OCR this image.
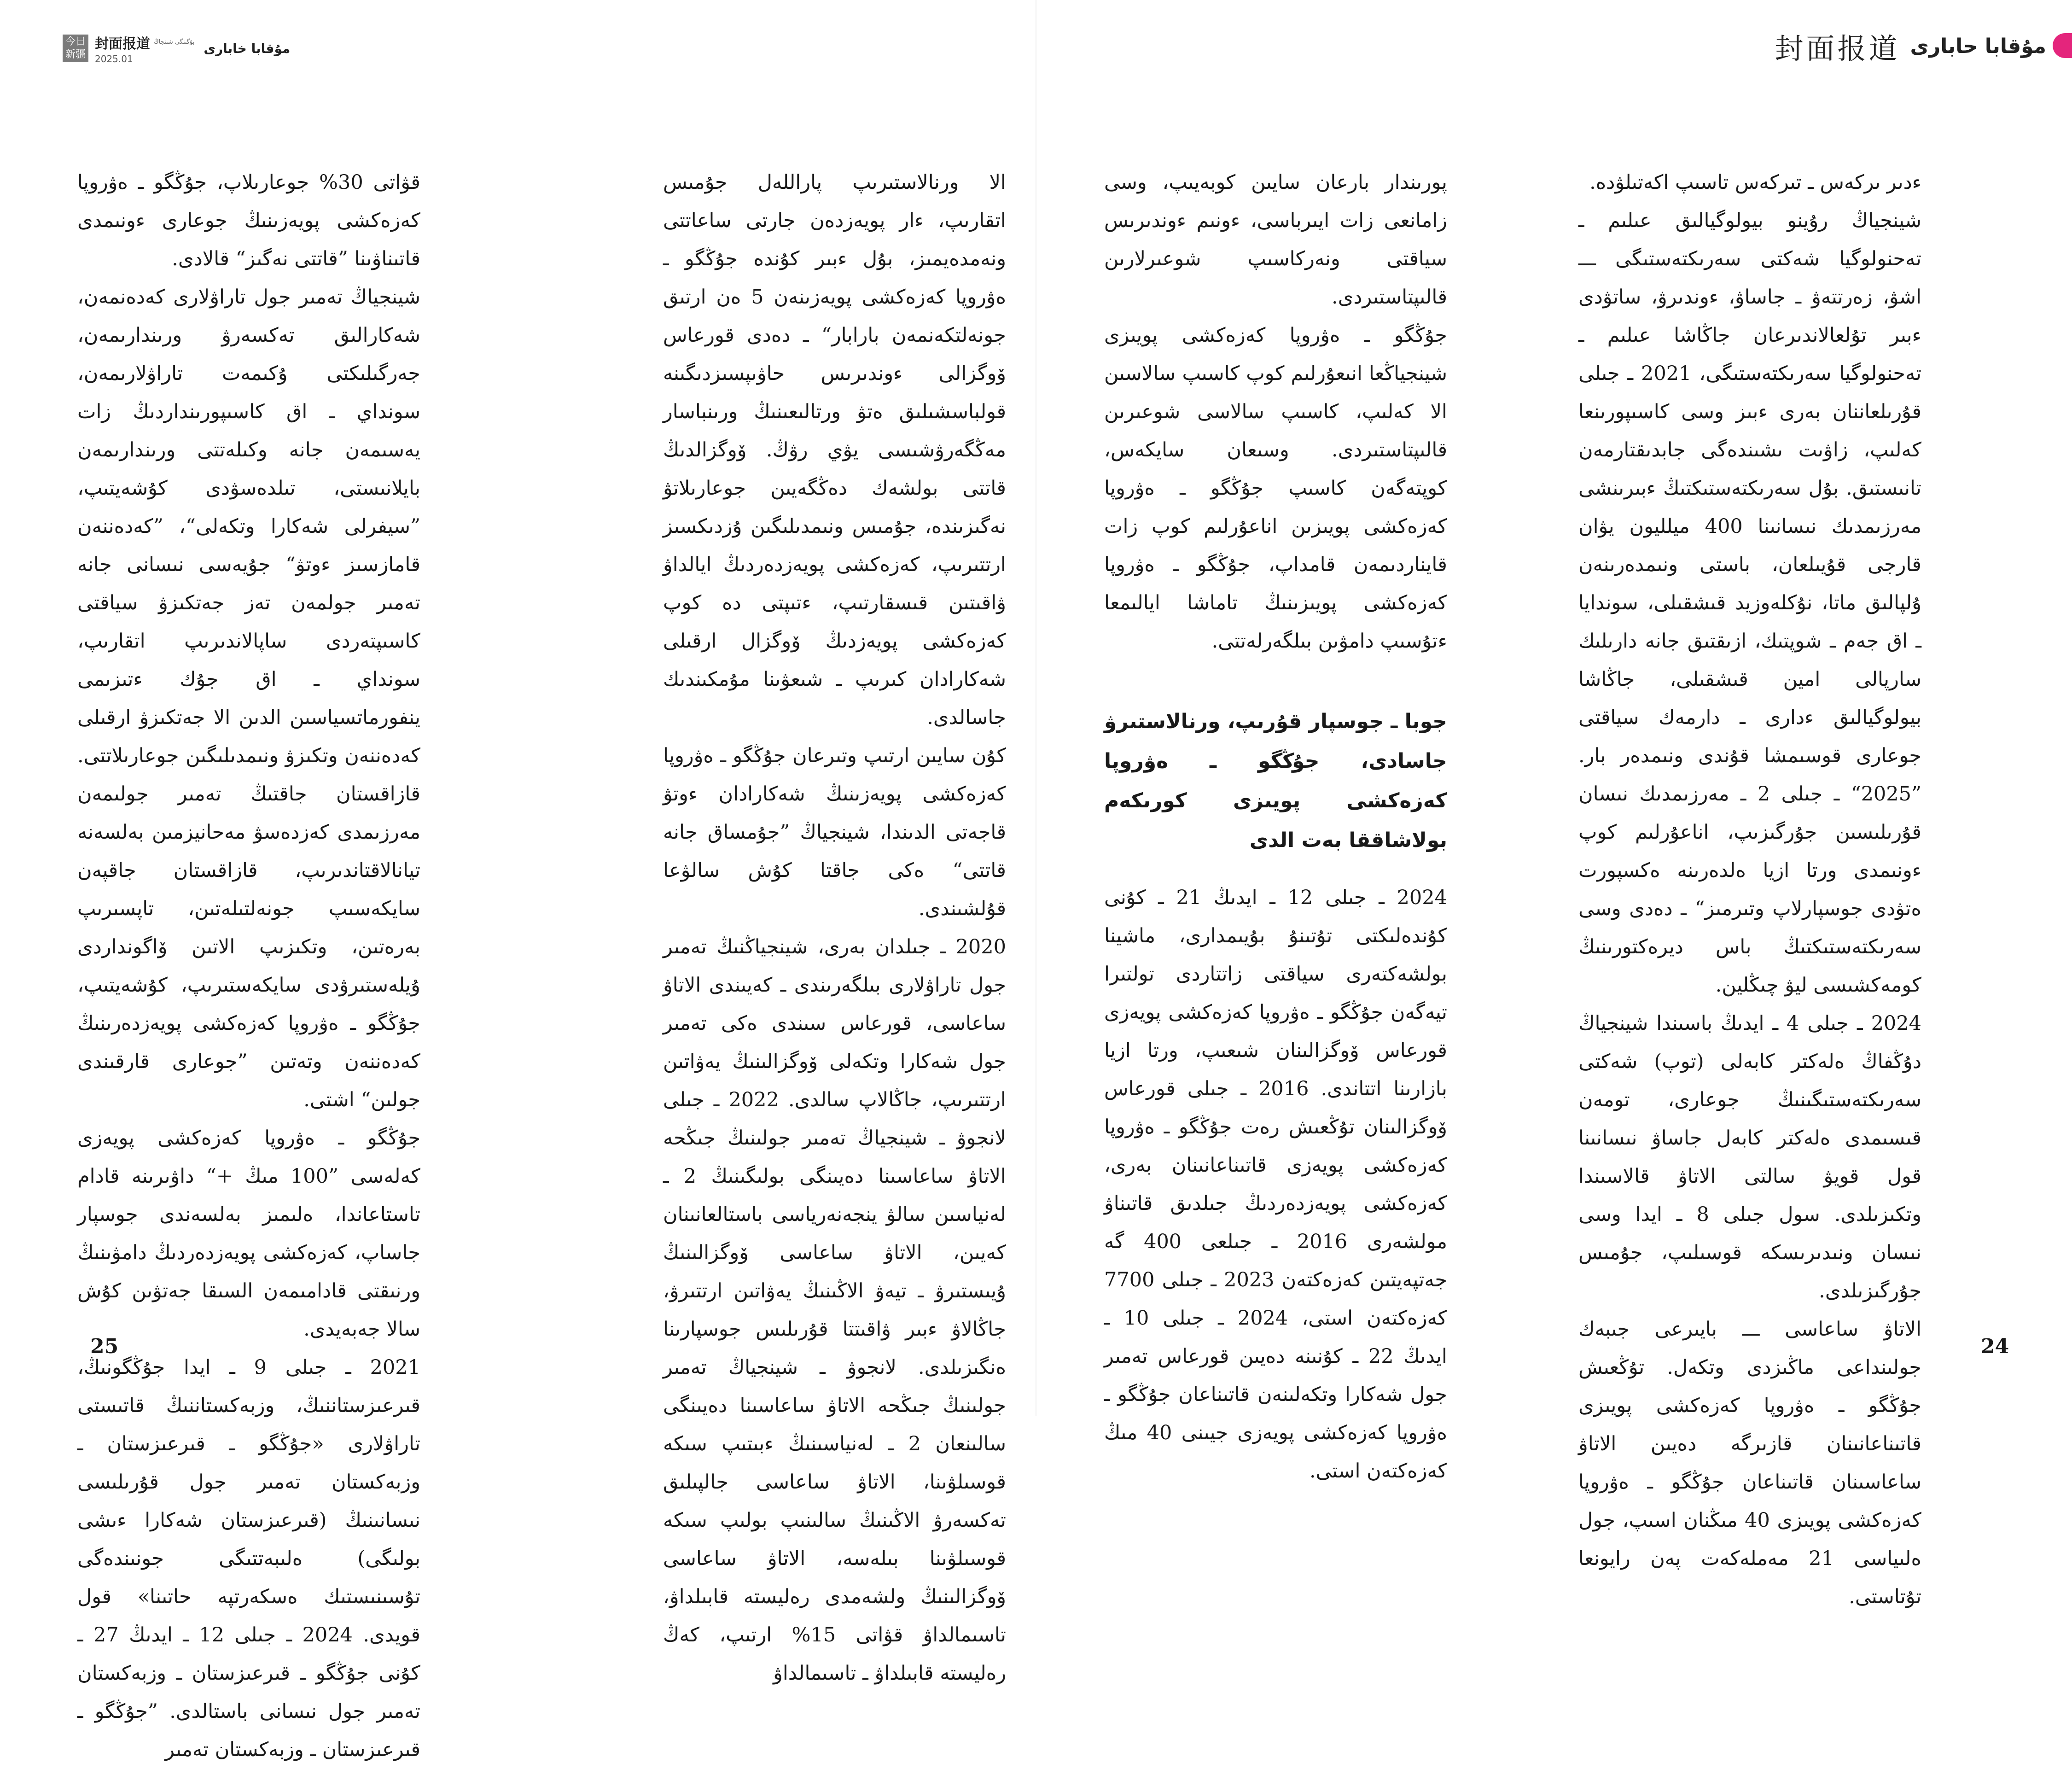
今日
新疆
封面报道 بۇگىنگى شىنجاڭ
2025.01
مۇقابا خابارى

الا ورنالاستىرىپ پاراللەل جۇمىس اتقارىپ، ءار پويەزدەن جارتى ساعاتتى ونەمدەيمىز، بۇل ءبىر كۇندە جۇڭگو ـ ەۋروپا كەزەكشى پويەزىنەن 5 ەن ارتىق جونەلتكەنمەن بارابار“ ـ دەدى قورعاس ۆوگزالى ءوندىرىس حاۋىپسىزدىگىنە قولباسشىلىق ەتۋ ورتالىعىنىڭ ورىنباسار مەڭگەرۋشىسى يۋي رۋڭ. ۆوگزالدىڭ قاتتى بولشەك دەڭگەيىن جوعارىلاتۋ نەگىزىندە، جۇمىس ونىمدىلىگىن ۇزدىكسىز ارتتىرىپ، كەزەكشى پويەزدەردىڭ ايالداۋ ۋاقىتىن قىسقارتىپ، ءتىپتى دە كوپ كەزەكشى پويەزدىڭ ۆوگزال ارقىلى شەكارادان كىرىپ ـ شىعۋىنا مۇمكىندىك جاسالدى.

كۇن سايىن ارتىپ وتىرعان جۇڭگو ـ ەۋروپا كەزەكشى پويەزىنىڭ شەكارادان ءوتۋ قاجەتى الدىندا، شينجياڭ ”جۇمساق جانە قاتتى“ ەكى جاقتا كۇش سالۋعا قۇلشىندى.

2020 ـ جىلدان بەرى، شينجياڭنىڭ تەمىر جول تاراۋلارى بىلگەرىندى ـ كەيىندى الاتاۋ ساعاسى، قورعاس سىندى ەكى تەمىر جول شەكارا وتكەلى ۆوگزالىنىڭ يەۋاتىن ارتتىرىپ، جاڭالاپ سالدى. 2022 ـ جىلى لانجوۋ ـ شينجياڭ تەمىر جولىنىڭ جىڭحە الاتاۋ ساعاسىنا دەيىنگى بولىگىنىڭ 2 ـ لەنياسىن سالۋ ينجەنەرياسى باستالعانىنان كەيىن، الاتاۋ ساعاسى ۆوگزالىنىڭ ۇيىستىرۋ ـ تيەۋ الاڭىنىڭ يەۋاتىن ارتتىرۋ، جاڭالاۋ ءبىر ۋاقىتتا قۇرىلىس جوسپارىنا ەنگىزىلدى. لانجوۋ ـ شينجياڭ تەمىر جولىنىڭ جىڭحە الاتاۋ ساعاسىنا دەيىنگى سالىنعان 2 ـ لەنياسىنىڭ ءبىتىپ سىكە قوسىلۋىنا، الاتاۋ ساعاسى جالپىلىق تەكسەرۋ الاڭىنىڭ سالىنىپ بولىپ سىكە قوسىلۋىنا بىلەسە، الاتاۋ ساعاسى ۆوگزالىنىڭ ولشەمدى رەليستە قابىلداۋ، تاسىمالداۋ قۋاتى 15% ارتىپ، كەڭ رەليستە قابىلداۋ ـ تاسىمالداۋ

قۋاتى 30% جوعارىلاپ، جۇڭگو ـ ەۋروپا كەزەكشى پويەزىنىڭ جوعارى ءونىمدى قاتىناۋىنا ”قاتتى نەگىز“ قالادى.

شينجياڭ تەمىر جول تاراۋلارى كەدەنمەن، شەكارالىق تەكسەرۋ ورىندارىمەن، جەرگىلىكتى ۇكىمەت تاراۋلارىمەن، سونداي ـ اق كاسىپورىنداردىڭ زات يەسىمەن جانە وكىلەتتى ورىندارىمەن بايلانىستى، تىلدەسۋدى كۇشەيتىپ، ”سيفرلى شەكارا وتكەلى“، ”كەدەننەن قامازسىز ءوتۋ“ جۇيەسى نىسانى جانە تەمىر جولمەن تەز جەتكىزۋ سياقتى كاسىپتەردى ساپالاندىرىپ اتقارىپ، سونداي ـ اق جۇك ءتىزىمى ينفورماتسياسىن الدىن الا جەتكىزۋ ارقىلى كەدەننەن وتكىزۋ ونىمدىلىگىن جوعارىلاتتى. قازاقستان جاقتىڭ تەمىر جولىمەن مەرزىمدى كەزدەسۋ مەحانيزمىن بەلسەنە تيانالاقتاندىرىپ، قازاقستان جاقپەن سايكەسىپ جونەلتىلەتىن، تاپسىرىپ بەرەتىن، وتكىزىپ الاتىن ۆاگونداردى ۇيلەستىرۋدى سايكەستىرىپ، كۇشەيتىپ، جۇڭگو ـ ەۋروپا كەزەكشى پويەزدەرىنىڭ كەدەننەن وتەتىن ”جوعارى قارقىندى جولىن“ اشتى.

جۇڭگو ـ ەۋروپا كەزەكشى پويەزى كەلەسى ”100 مىڭ +“ داۋىرىنە قادام تاستاعاندا، ەلىمىز بەلسەندى جوسپار جاساپ، كەزەكشى پويەزدەردىڭ دامۋىنىڭ ورنىقتى قادامىمەن السىقا جەتۋىن كۇش سالا جەبەيدى.

2021 ـ جىلى 9 ـ ايدا جۇڭگونىڭ، قىرعىزستاننىڭ، وزبەكستاننىڭ قاتىستى تاراۋلارى «جۇڭگو ـ قىرعىزستان ـ وزبەكستان تەمىر جول قۇرىلىسى نىسانىنىڭ (قىرعىزستان شەكارا ءىشى بولىگى) ەلىبەتتىگى جونىندەگى تۇسىنىستىك ەسكەرتپە حاتىنا» قول قويدى. 2024 ـ جىلى 12 ـ ايدىڭ 27 ـ كۇنى جۇڭگو ـ قىرعىزستان ـ وزبەكستان تەمىر جول نىسانى باستالدى. ”جۇڭگو ـ قىرعىزستان ـ وزبەكستان تەمىر

25
封面报道 مۇقابا حابارى

ءدىر ىركەس ـ تىركەس تاسىپ اكەتىلۋدە.

شينجياڭ رۇينو بيولوگيالىق عىلىم ـ تەحنولوگيا شەكتى سەرىكتەستىگى ـــ اشۋ، زەرتتەۋ ـ جاساۋ، ءوندىرۋ، ساتۋدى ءبىر تۇلعالاندىرعان جاڭاشا عىلىم ـ تەحنولوگيا سەرىكتەستىگى، 2021 ـ جىلى قۇرىلعاننان بەرى ءبىز وسى كاسىپورىنعا كەلىپ، زاۋىت ىشىندەگى جابدىقتارمەن تانىستىق. بۇل سەرىكتەستىكتىڭ ءبىرىنشى مەرزىمدىك نىسانىنا 400 ميلليون يۋان قارجى قۇيىلعان، باستى ونىمدەرىنەن ۇلپالىق ماتا، نۇكلەوزيد قىشقىلى، سوندايا ـ اق جەم ـ شوپتىك، ازىقتىق جانە دارىلىك سارپالى امين قىشقىلى، جاڭاشا بيولوگيالىق ءدارى ـ دارمەك سياقتى جوعارى قوسىمشا قۇندى ونىمدەر بار. ”2025“ ـ جىلى 2 ـ مەرزىمدىك نىسان قۇرىلىسىن جۇرگىزىپ، اناعۇرلىم كوپ ءونىمدى ورتا ازيا ەلدەرىنە ەكسپورت ەتۋدى جوسپارلاپ وتىرمىز“ ـ دەدى وسى سەرىكتەستىكتىڭ باس ديرەكتورىنىڭ كومەكشىسى ليۋ چىڭلين.

2024 ـ جىلى 4 ـ ايدىڭ باسىندا شينجياڭ دۇڭفاڭ ەلەكتر كابەلى (توپ) شەكتى سەرىكتەستىگىنىڭ جوعارى، تومەن قىسىمدى ەلەكتر كابەل جاساۋ نىسانىنا قول قويۋ سالتى الاتاۋ قالاسىندا وتكىزىلدى. سول جىلى 8 ـ ايدا وسى نىسان ونىدىرىسكە قوسىلىپ، جۇمىس جۇرگىزىلدى.

الاتاۋ ساعاسى ـــ بايىرعى جىبەك جولىنداعى ماڭىزدى وتكەل. تۇڭعىش جۇڭگو ـ ەۋروپا كەزەكشى پويىزى قاتىناعانىنان قازىرگە دەيىن الاتاۋ ساعاسىنان قاتىناعان جۇڭگو ـ ەۋروپا كەزەكشى پويىزى 40 مىڭنان اسىپ، جول ەلىياسى 21 مەملەكەت پەن رايونعا تۇتاستى.

پورىندار بارعان سايىن كوبەيىپ، وسى زامانعى زات ايىرباسى، ءونىم ءوندىرىس سياقتى ونەركاسىپ شوعىرلارىن قالىپتاستىردى.

جۇڭگو ـ ەۋروپا كەزەكشى پويىزى شينجياڭعا انىعۇرلىم كوپ كاسىپ سالاسىن الا كەلىپ، كاسىپ سالاسى شوعىرىن قالىپتاستىردى. وسىعان سايكەس، كوپتەگەن كاسىپ جۇڭگو ـ ەۋروپا كەزەكشى پويىزىن اناعۇرلىم كوپ زات قايناردىمەن قامداپ، جۇڭگو ـ ەۋروپا كەزەكشى پويىزىنىڭ تاماشا ايالىمعا ءتۇسىپ دامۋىن بىلگەرلەتتى.

جوبا ـ جوسپار قۇرىپ، ورنالاستىرۋ جاسادى، جۇڭگو ـ ەۋروپا كەزەكشى پويىزى كورىكەم بولاشاققا بەت الدى

2024 ـ جىلى 12 ـ ايدىڭ 21 ـ كۇنى كۇندەلىكتى تۇتىنۇ بۇيىمدارى، ماشينا بولشەكتەرى سياقتى زاتتاردى تولتىرا تيەگەن جۇڭگو ـ ەۋروپا كەزەكشى پويەزى قورعاس ۆوگزالىنان شىعىپ، ورتا ازيا بازارىنا اتتاندى. 2016 ـ جىلى قورعاس ۆوگزالىنان تۇڭعىش رەت جۇڭگو ـ ەۋروپا كەزەكشى پويەزى قاتىناعانىنان بەرى، كەزەكشى پويەزدەردىڭ جىلدىق قاتىناۋ مولشەرى 2016 ـ جىلعى 400 گە جەتپەيتىن كەزەكتەن 2023 ـ جىلى 7700 كەزەكتەن استى، 2024 ـ جىلى 10 ـ ايدىڭ 22 ـ كۇنىنە دەيىن قورعاس تەمىر جول شەكارا وتكەلىنەن قاتىناعان جۇڭگو ـ ەۋروپا كەزەكشى پويەزى جيىنى 40 مىڭ كەزەكتەن استى.

24
